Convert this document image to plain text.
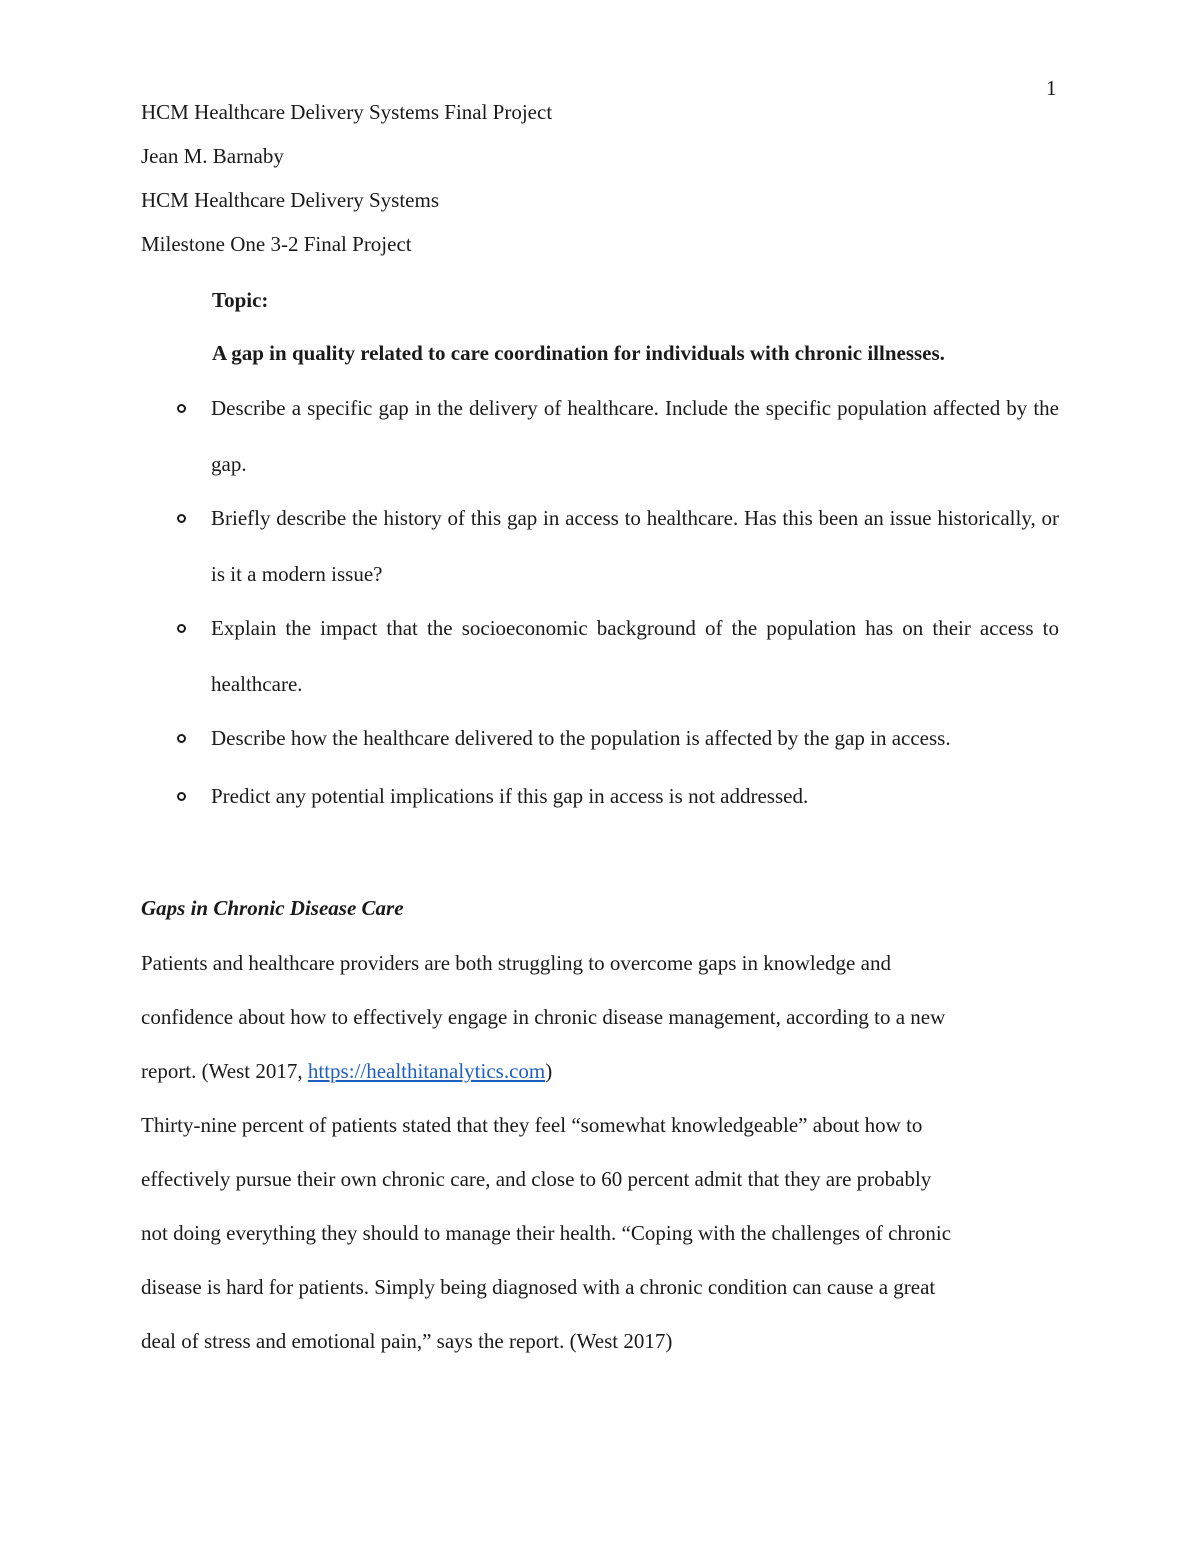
1
HCM Healthcare Delivery Systems Final Project
Jean M. Barnaby
HCM Healthcare Delivery Systems
Milestone One 3-2 Final Project
Topic:
A gap in quality related to care coordination for individuals with chronic illnesses.
Describe a specific gap in the delivery of healthcare. Include the specific population affected by the gap.
Briefly describe the history of this gap in access to healthcare. Has this been an issue historically, or is it a modern issue?
Explain the impact that the socioeconomic background of the population has on their access to healthcare.
Describe how the healthcare delivered to the population is affected by the gap in access.
Predict any potential implications if this gap in access is not addressed.
Gaps in Chronic Disease Care
Patients and healthcare providers are both struggling to overcome gaps in knowledge and
confidence about how to effectively engage in chronic disease management, according to a new
report. (West 2017, https://healthitanalytics.com)
Thirty-nine percent of patients stated that they feel “somewhat knowledgeable” about how to
effectively pursue their own chronic care, and close to 60 percent admit that they are probably
not doing everything they should to manage their health. “Coping with the challenges of chronic
disease is hard for patients. Simply being diagnosed with a chronic condition can cause a great
deal of stress and emotional pain,” says the report. (West 2017)
